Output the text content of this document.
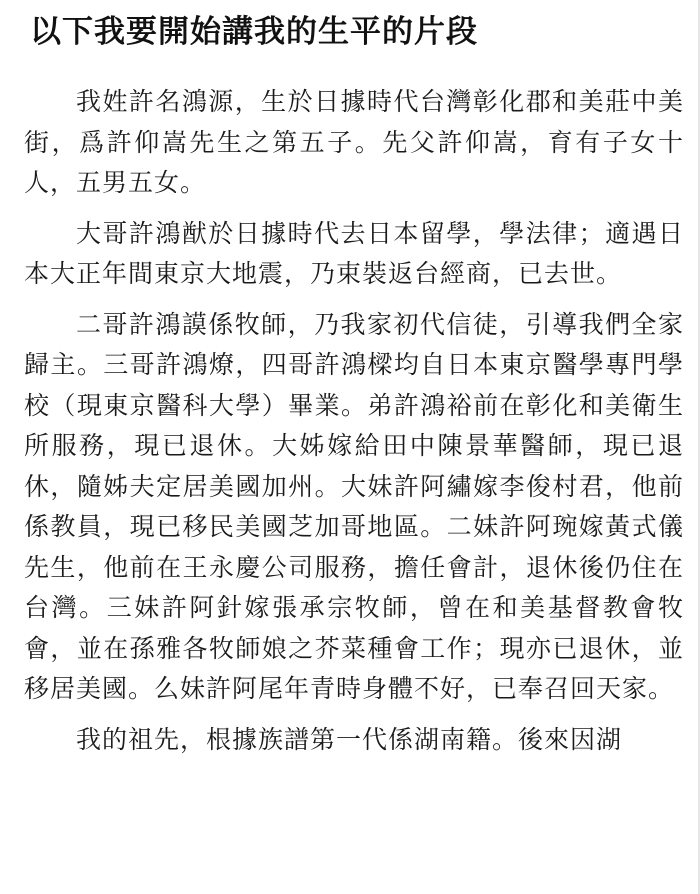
以下我要開始講我的生平的片段

我姓許名鴻源，生於日據時代台灣彰化郡和美莊中美街，爲許仰嵩先生之第五子。先父許仰嵩，育有子女十人，五男五女。

大哥許鴻猷於日據時代去日本留學，學法律；適遇日本大正年間東京大地震，乃束裝返台經商，已去世。

二哥許鴻謨係牧師，乃我家初代信徒，引導我們全家歸主。三哥許鴻燎，四哥許鴻樑均自日本東京醫學專門學校（現東京醫科大學）畢業。弟許鴻裕前在彰化和美衛生所服務，現已退休。大姊嫁給田中陳景華醫師，現已退休，隨姊夫定居美國加州。大妹許阿繡嫁李俊村君，他前係教員，現已移民美國芝加哥地區。二妹許阿琬嫁黃式儀先生，他前在王永慶公司服務，擔任會計，退休後仍住在台灣。三妹許阿針嫁張承宗牧師，曾在和美基督教會牧會，並在孫雅各牧師娘之芥菜種會工作；現亦已退休，並移居美國。么妹許阿尾年青時身體不好，已奉召回天家。

我的祖先，根據族譜第一代係湖南籍。後來因湖
